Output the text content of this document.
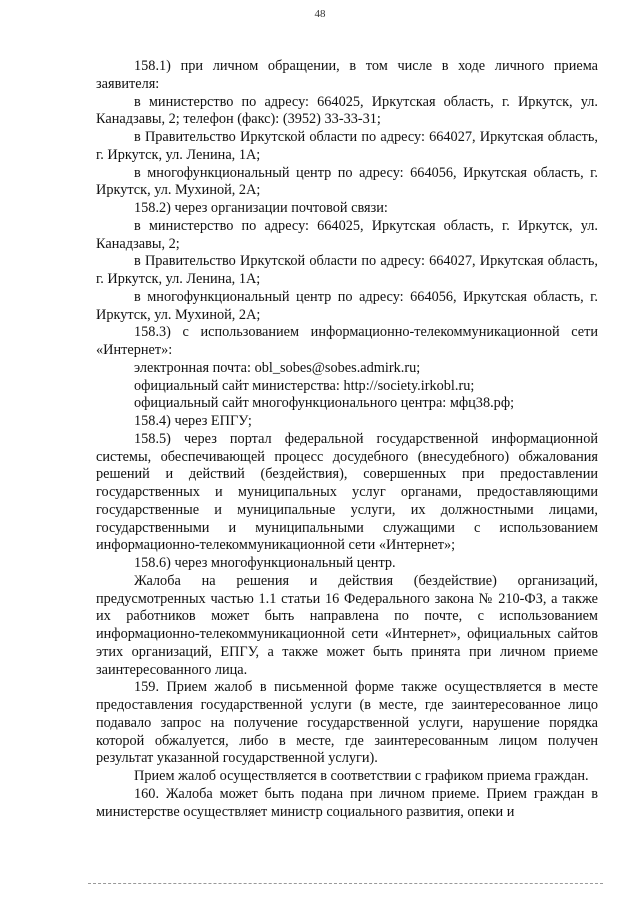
48

158.1) при личном обращении, в том числе в ходе личного приема заявителя:

в министерство по адресу: 664025, Иркутская область, г. Иркутск, ул. Канадзавы, 2; телефон (факс): (3952) 33-33-31;

в Правительство Иркутской области по адресу: 664027, Иркутская область, г. Иркутск, ул. Ленина, 1А;

в многофункциональный центр по адресу: 664056, Иркутская область, г. Иркутск, ул. Мухиной, 2А;

158.2) через организации почтовой связи:

в министерство по адресу: 664025, Иркутская область, г. Иркутск, ул. Канадзавы, 2;

в Правительство Иркутской области по адресу: 664027, Иркутская область, г. Иркутск, ул. Ленина, 1А;

в многофункциональный центр по адресу: 664056, Иркутская область, г. Иркутск, ул. Мухиной, 2А;

158.3) с использованием информационно-телекоммуникационной сети «Интернет»:

электронная почта: obl_sobes@sobes.admirk.ru;

официальный сайт министерства: http://society.irkobl.ru;

официальный сайт многофункционального центра: мфц38.рф;

158.4) через ЕПГУ;

158.5) через портал федеральной государственной информационной системы, обеспечивающей процесс досудебного (внесудебного) обжалования решений и действий (бездействия), совершенных при предоставлении государственных и муниципальных услуг органами, предоставляющими государственные и муниципальные услуги, их должностными лицами, государственными и муниципальными служащими с использованием информационно-телекоммуникационной сети «Интернет»;

158.6) через многофункциональный центр.

Жалоба на решения и действия (бездействие) организаций, предусмотренных частью 1.1 статьи 16 Федерального закона № 210-ФЗ, а также их работников может быть направлена по почте, с использованием информационно-телекоммуникационной сети «Интернет», официальных сайтов этих организаций, ЕПГУ, а также может быть принята при личном приеме заинтересованного лица.

159. Прием жалоб в письменной форме также осуществляется в месте предоставления государственной услуги (в месте, где заинтересованное лицо подавало запрос на получение государственной услуги, нарушение порядка которой обжалуется, либо в месте, где заинтересованным лицом получен результат указанной государственной услуги).

Прием жалоб осуществляется в соответствии с графиком приема граждан.

160. Жалоба может быть подана при личном приеме. Прием граждан в министерстве осуществляет министр социального развития, опеки и
